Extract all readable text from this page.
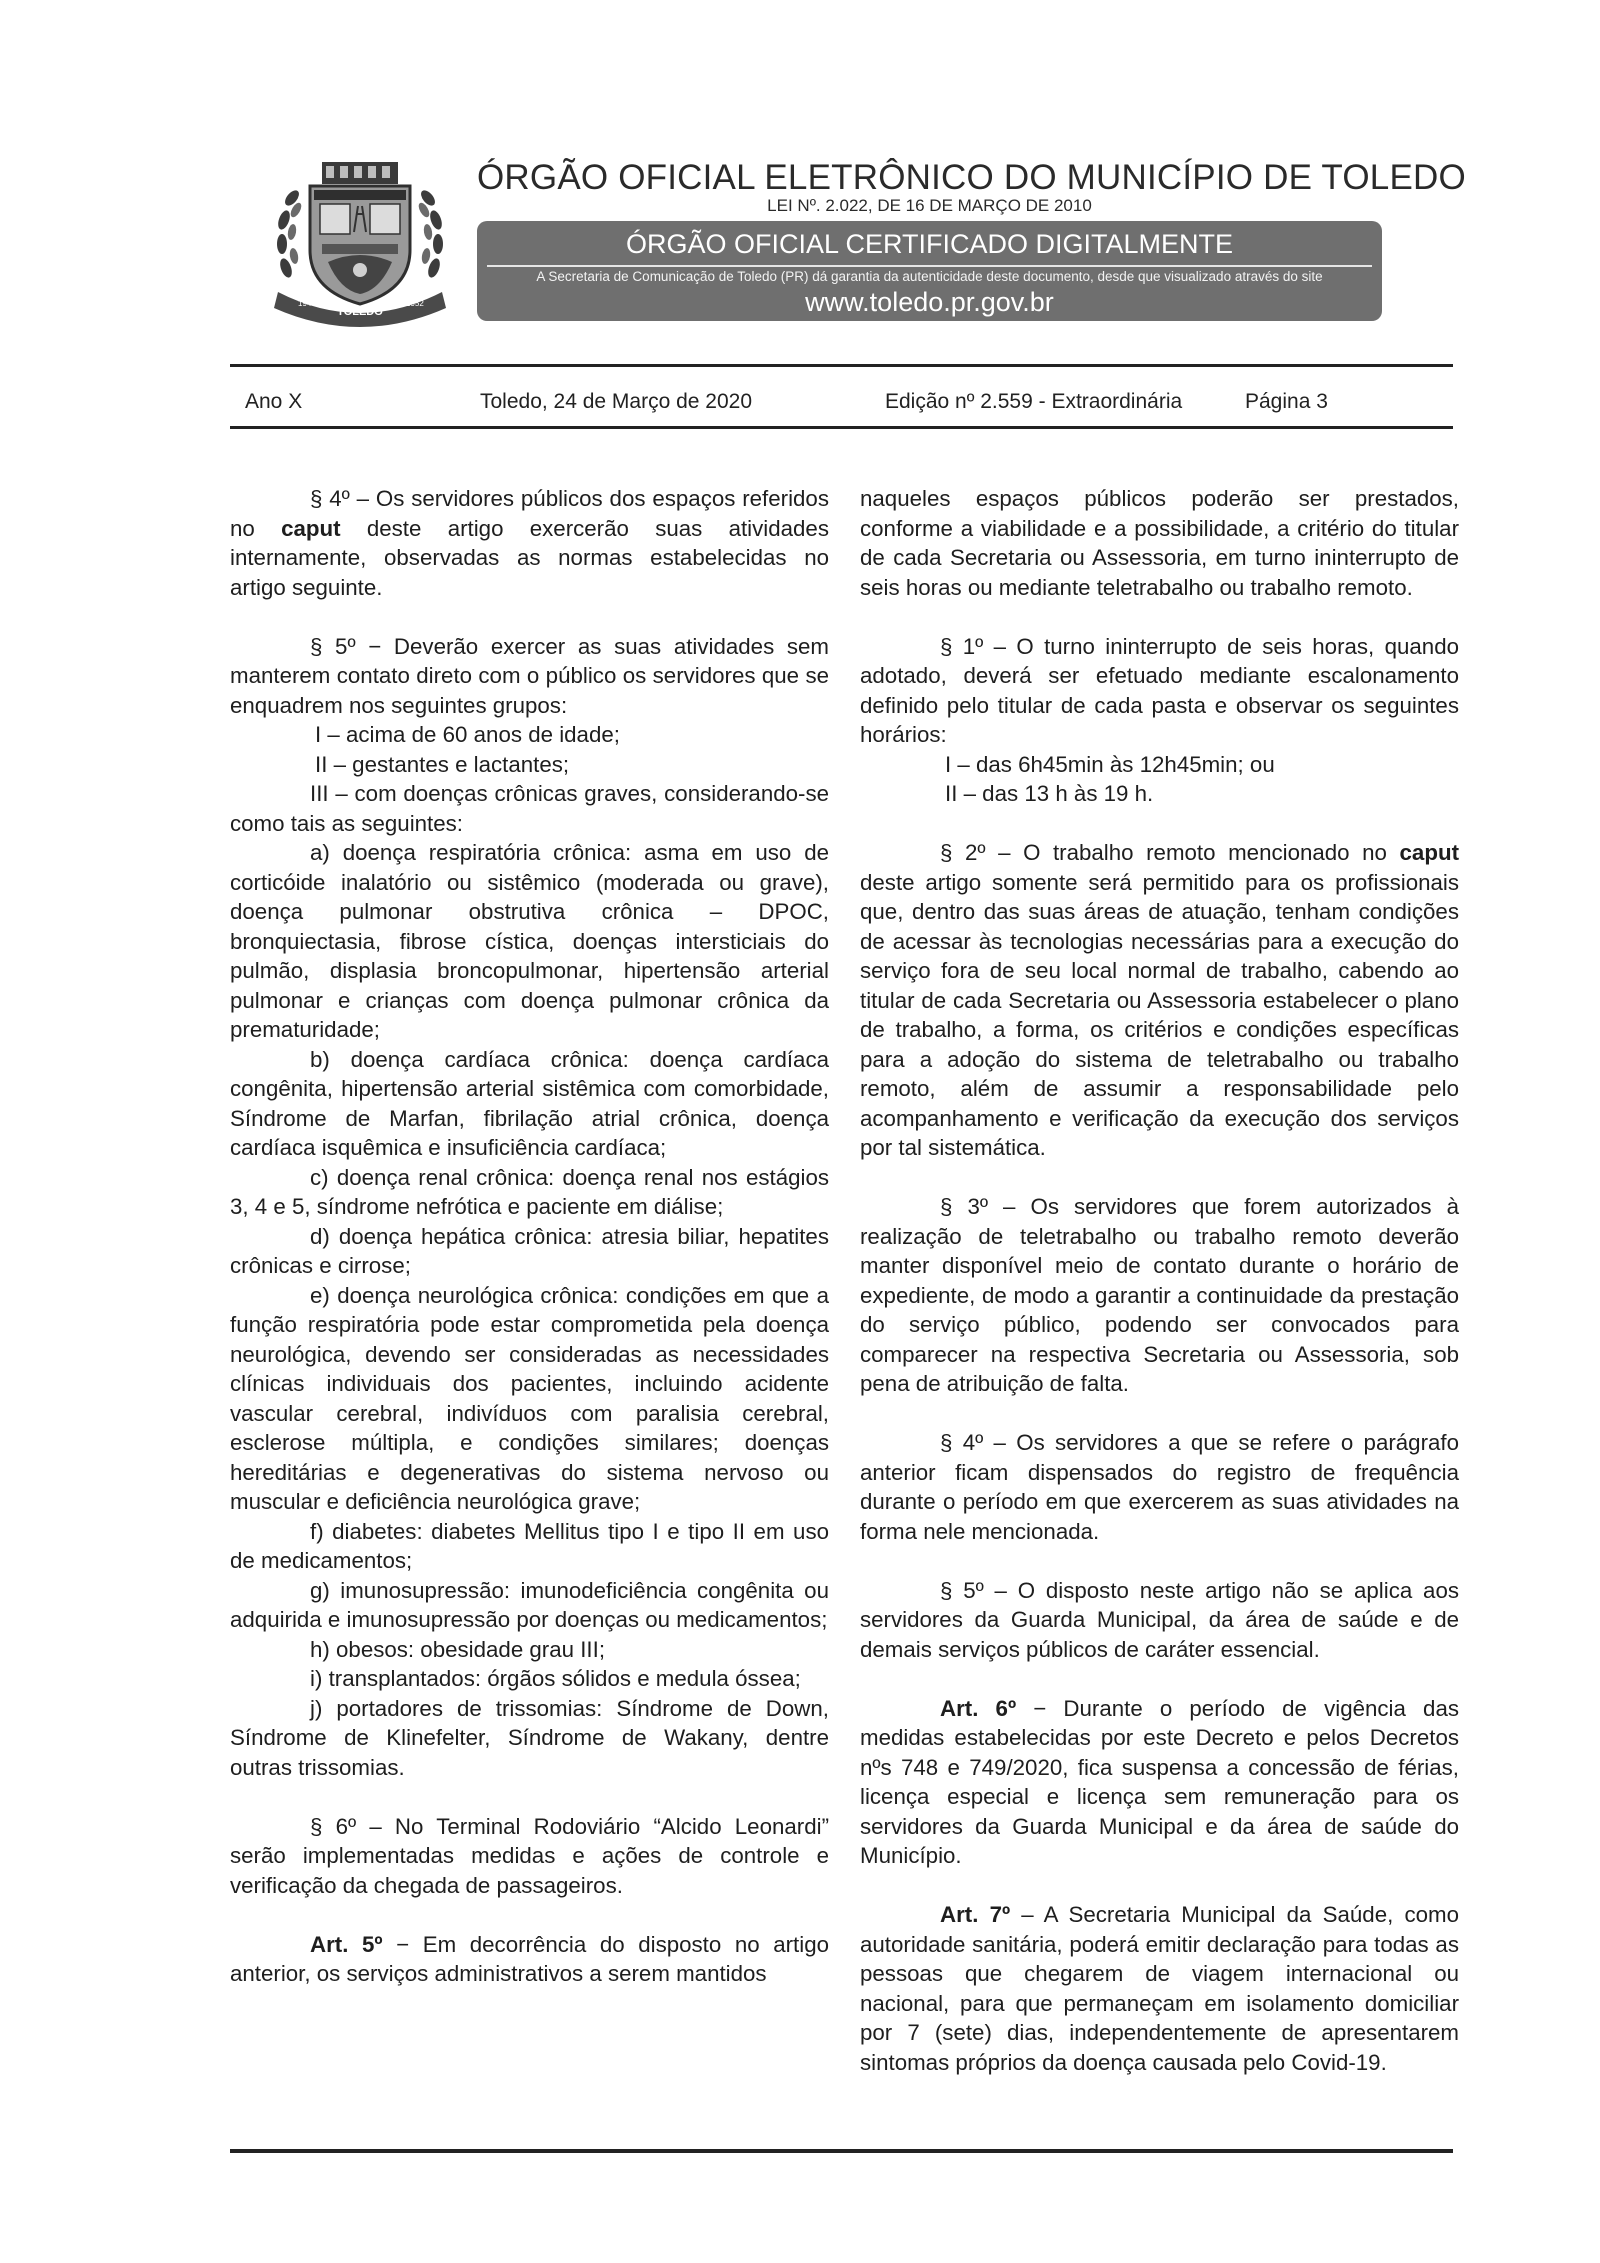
TOLEDO
1946	1952
ÓRGÃO OFICIAL ELETRÔNICO DO MUNICÍPIO DE TOLEDO
LEI Nº. 2.022, DE 16 DE MARÇO DE 2010
ÓRGÃO OFICIAL CERTIFICADO DIGITALMENTE
A Secretaria de Comunicação de Toledo (PR) dá garantia da autenticidade deste documento, desde que visualizado através do site
www.toledo.pr.gov.br
Ano X	Toledo, 24 de Março de 2020	Edição nº 2.559 - Extraordinária	Página 3

§ 4º – Os servidores públicos dos espaços referidos no caput deste artigo exercerão suas atividades internamente, observadas as normas estabelecidas no artigo seguinte.

§ 5º − Deverão exercer as suas atividades sem manterem contato direto com o público os servidores que se enquadrem nos seguintes grupos:
I – acima de 60 anos de idade;
II – gestantes e lactantes;
III – com doenças crônicas graves, considerando-se como tais as seguintes:
a) doença respiratória crônica: asma em uso de corticóide inalatório ou sistêmico (moderada ou grave), doença pulmonar obstrutiva crônica – DPOC, bronquiectasia, fibrose cística, doenças intersticiais do pulmão, displasia broncopulmonar, hipertensão arterial pulmonar e crianças com doença pulmonar crônica da prematuridade;
b) doença cardíaca crônica: doença cardíaca congênita, hipertensão arterial sistêmica com comorbidade, Síndrome de Marfan, fibrilação atrial crônica, doença cardíaca isquêmica e insuficiência cardíaca;
c) doença renal crônica: doença renal nos estágios 3, 4 e 5, síndrome nefrótica e paciente em diálise;
d) doença hepática crônica: atresia biliar, hepatites crônicas e cirrose;
e) doença neurológica crônica: condições em que a função respiratória pode estar comprometida pela doença neurológica, devendo ser consideradas as necessidades clínicas individuais dos pacientes, incluindo acidente vascular cerebral, indivíduos com paralisia cerebral, esclerose múltipla, e condições similares; doenças hereditárias e degenerativas do sistema nervoso ou muscular e deficiência neurológica grave;
f) diabetes: diabetes Mellitus tipo I e tipo II em uso de medicamentos;
g) imunosupressão: imunodeficiência congênita ou adquirida e imunosupressão por doenças ou medicamentos;
h) obesos: obesidade grau III;
i) transplantados: órgãos sólidos e medula óssea;
j) portadores de trissomias: Síndrome de Down, Síndrome de Klinefelter, Síndrome de Wakany, dentre outras trissomias.

§ 6º – No Terminal Rodoviário “Alcido Leonardi” serão implementadas medidas e ações de controle e verificação da chegada de passageiros.

Art. 5º − Em decorrência do disposto no artigo anterior, os serviços administrativos a serem mantidos

naqueles espaços públicos poderão ser prestados, conforme a viabilidade e a possibilidade, a critério do titular de cada Secretaria ou Assessoria, em turno ininterrupto de seis horas ou mediante teletrabalho ou trabalho remoto.

§ 1º – O turno ininterrupto de seis horas, quando adotado, deverá ser efetuado mediante escalonamento definido pelo titular de cada pasta e observar os seguintes horários:
I – das 6h45min às 12h45min; ou
II – das 13 h às 19 h.

§ 2º – O trabalho remoto mencionado no caput deste artigo somente será permitido para os profissionais que, dentro das suas áreas de atuação, tenham condições de acessar às tecnologias necessárias para a execução do serviço fora de seu local normal de trabalho, cabendo ao titular de cada Secretaria ou Assessoria estabelecer o plano de trabalho, a forma, os critérios e condições específicas para a adoção do sistema de teletrabalho ou trabalho remoto, além de assumir a responsabilidade pelo acompanhamento e verificação da execução dos serviços por tal sistemática.

§ 3º – Os servidores que forem autorizados à realização de teletrabalho ou trabalho remoto deverão manter disponível meio de contato durante o horário de expediente, de modo a garantir a continuidade da prestação do serviço público, podendo ser convocados para comparecer na respectiva Secretaria ou Assessoria, sob pena de atribuição de falta.

§ 4º – Os servidores a que se refere o parágrafo anterior ficam dispensados do registro de frequência durante o período em que exercerem as suas atividades na forma nele mencionada.

§ 5º – O disposto neste artigo não se aplica aos servidores da Guarda Municipal, da área de saúde e de demais serviços públicos de caráter essencial.

Art. 6º − Durante o período de vigência das medidas estabelecidas por este Decreto e pelos Decretos nºs 748 e 749/2020, fica suspensa a concessão de férias, licença especial e licença sem remuneração para os servidores da Guarda Municipal e da área de saúde do Município.

Art. 7º – A Secretaria Municipal da Saúde, como autoridade sanitária, poderá emitir declaração para todas as pessoas que chegarem de viagem internacional ou nacional, para que permaneçam em isolamento domiciliar por 7 (sete) dias, independentemente de apresentarem sintomas próprios da doença causada pelo Covid-19.
